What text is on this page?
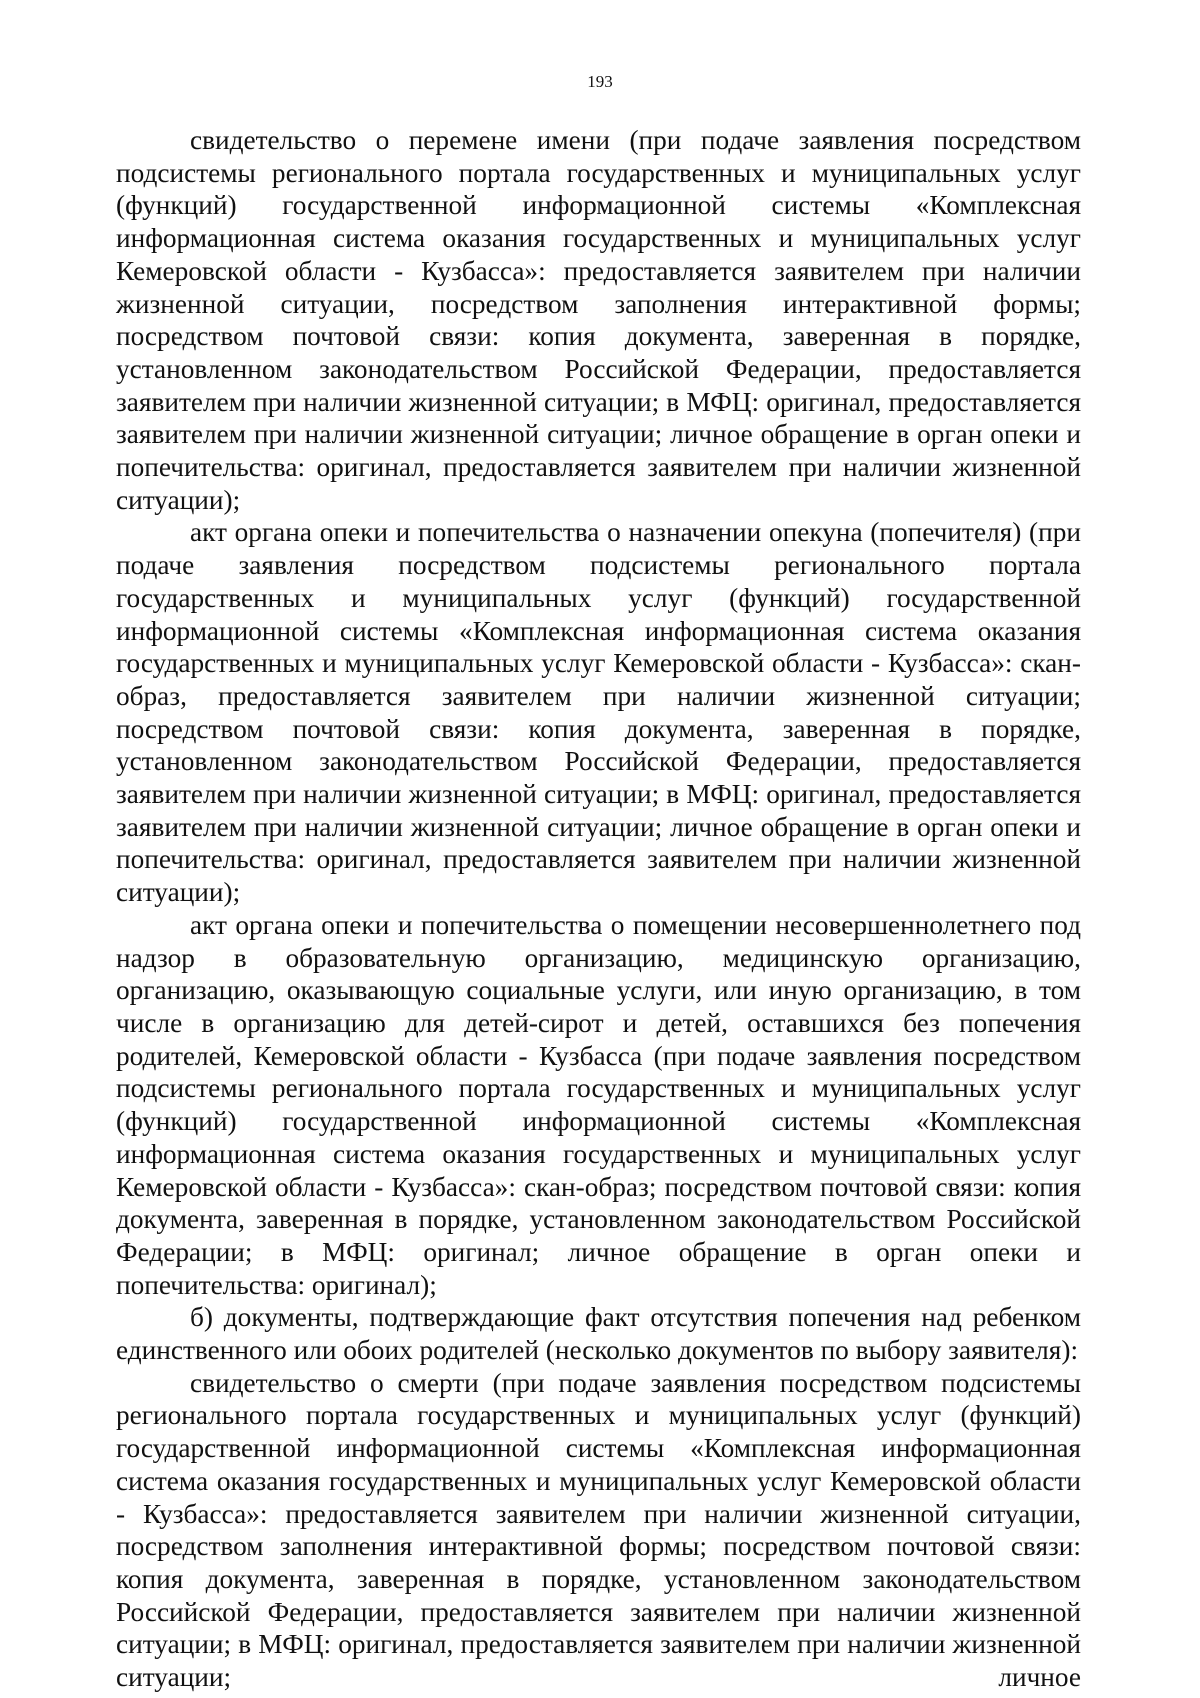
193

свидетельство о перемене имени (при подаче заявления посредством подсистемы регионального портала государственных и муниципальных услуг (функций) государственной информационной системы «Комплексная информационная система оказания государственных и муниципальных услуг Кемеровской области - Кузбасса»: предоставляется заявителем при наличии жизненной ситуации, посредством заполнения интерактивной формы; посредством почтовой связи: копия документа, заверенная в порядке, установленном законодательством Российской Федерации, предоставляется заявителем при наличии жизненной ситуации; в МФЦ: оригинал, предоставляется заявителем при наличии жизненной ситуации; личное обращение в орган опеки и попечительства: оригинал, предоставляется заявителем при наличии жизненной ситуации);

акт органа опеки и попечительства о назначении опекуна (попечителя) (при подаче заявления посредством подсистемы регионального портала государственных и муниципальных услуг (функций) государственной информационной системы «Комплексная информационная система оказания государственных и муниципальных услуг Кемеровской области - Кузбасса»: скан-образ, предоставляется заявителем при наличии жизненной ситуации; посредством почтовой связи: копия документа, заверенная в порядке, установленном законодательством Российской Федерации, предоставляется заявителем при наличии жизненной ситуации; в МФЦ: оригинал, предоставляется заявителем при наличии жизненной ситуации; личное обращение в орган опеки и попечительства: оригинал, предоставляется заявителем при наличии жизненной ситуации);

акт органа опеки и попечительства о помещении несовершеннолетнего под надзор в образовательную организацию, медицинскую организацию, организацию, оказывающую социальные услуги, или иную организацию, в том числе в организацию для детей-сирот и детей, оставшихся без попечения родителей, Кемеровской области - Кузбасса (при подаче заявления посредством подсистемы регионального портала государственных и муниципальных услуг (функций) государственной информационной системы «Комплексная информационная система оказания государственных и муниципальных услуг Кемеровской области - Кузбасса»: скан-образ; посредством почтовой связи: копия документа, заверенная в порядке, установленном законодательством Российской Федерации; в МФЦ: оригинал; личное обращение в орган опеки и попечительства: оригинал);

б) документы, подтверждающие факт отсутствия попечения над ребенком единственного или обоих родителей (несколько документов по выбору заявителя):

свидетельство о смерти (при подаче заявления посредством подсистемы регионального портала государственных и муниципальных услуг (функций) государственной информационной системы «Комплексная информационная система оказания государственных и муниципальных услуг Кемеровской области - Кузбасса»: предоставляется заявителем при наличии жизненной ситуации, посредством заполнения интерактивной формы; посредством почтовой связи: копия документа, заверенная в порядке, установленном законодательством Российской Федерации, предоставляется заявителем при наличии жизненной ситуации; в МФЦ: оригинал, предоставляется заявителем при наличии жизненной ситуации; личное
